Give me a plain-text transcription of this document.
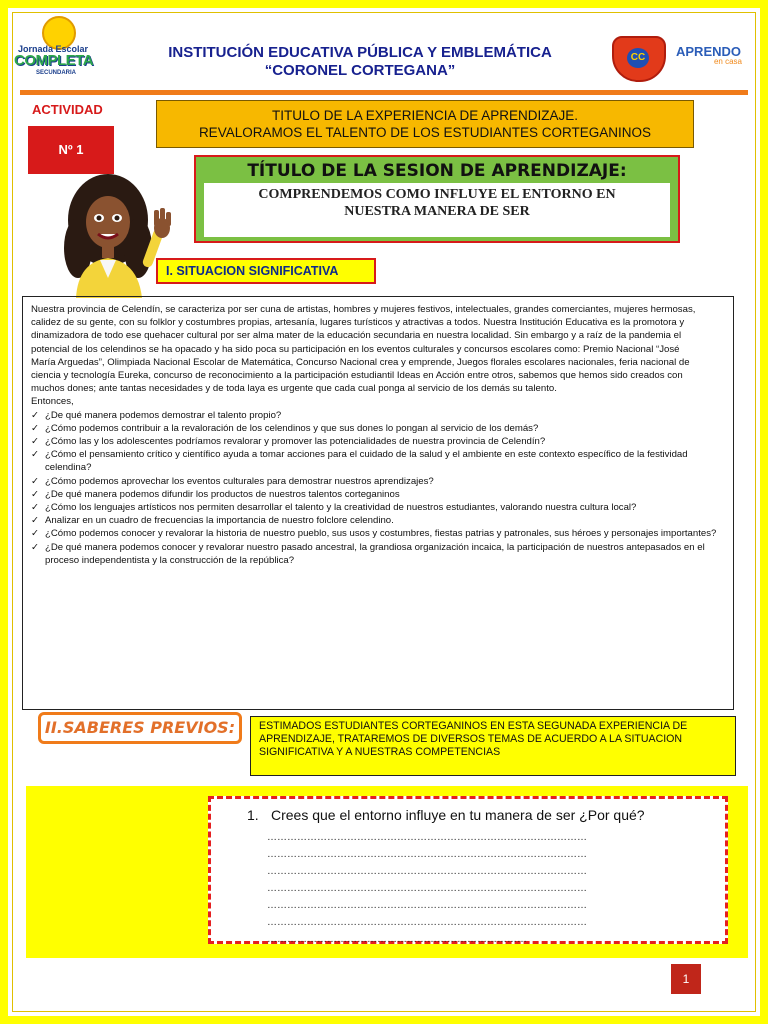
Jornada Escolar
COMPLETA
SECUNDARIA
INSTITUCIÓN EDUCATIVA PÚBLICA Y EMBLEMÁTICA
“CORONEL CORTEGANA”
CC APRENDO
en casa
ACTIVIDAD
Nº 1
TITULO DE LA EXPERIENCIA DE APRENDIZAJE.
REVALORAMOS EL TALENTO DE LOS ESTUDIANTES CORTEGANINOS
TÍTULO DE LA SESION DE APRENDIZAJE:
COMPRENDEMOS COMO INFLUYE EL ENTORNO EN
NUESTRA MANERA DE SER
I. SITUACION SIGNIFICATIVA

Nuestra provincia de Celendín, se caracteriza por ser cuna de artistas, hombres y mujeres festivos, intelectuales, grandes comerciantes, mujeres hermosas,

calidez de su gente, con su folklor y costumbres propias, artesanía, lugares turísticos y atractivas a todos. Nuestra Institución Educativa es la promotora y

dinamizadora de todo ese quehacer cultural por ser alma mater de la educación secundaria en nuestra localidad. Sin embargo y a raíz de la pandemia el

potencial de los celendinos se ha opacado y ha sido poca su participación en los eventos culturales y concursos escolares como: Premio Nacional “José

María Arguedas”, Olimpiada Nacional Escolar de Matemática, Concurso Nacional crea y emprende, Juegos florales escolares nacionales, feria nacional de

ciencia y tecnología Eureka, concurso de reconocimiento a la participación estudiantil Ideas en Acción entre otros, sabemos que hemos sido creados con

muchos dones; ante tantas necesidades y de toda laya es urgente que cada cual ponga al servicio de los demás su talento.

Entonces,

✓ ¿De qué manera podemos demostrar el talento propio?

✓ ¿Cómo podemos contribuir a la revaloración de los celendinos y que sus dones lo pongan al servicio de los demás?

✓ ¿Cómo las y los adolescentes podríamos revalorar y promover las potencialidades de nuestra provincia de Celendín?

✓ ¿Cómo el pensamiento crítico y científico ayuda a tomar acciones para el cuidado de la salud y el ambiente en este contexto específico de la festividad celendina?

✓ ¿Cómo podemos aprovechar los eventos culturales para demostrar nuestros aprendizajes?

✓ ¿De qué manera podemos difundir los productos de nuestros talentos corteganinos

✓ ¿Cómo los lenguajes artísticos nos permiten desarrollar el talento y la creatividad de nuestros estudiantes, valorando nuestra cultura local?

✓ Analizar en un cuadro de frecuencias la importancia de nuestro folclore celendino.

✓ ¿Cómo podemos conocer y revalorar la historia de nuestro pueblo, sus usos y costumbres, fiestas patrias y patronales, sus héroes y personajes importantes?

✓ ¿De qué manera podemos conocer y revalorar nuestro pasado ancestral, la grandiosa organización incaica, la participación de nuestros antepasados en el proceso independentista y la construcción de la república?

II.SABERES PREVIOS:	ESTIMADOS ESTUDIANTES CORTEGANINOS EN ESTA SEGUNADA EXPERIENCIA DE APRENDIZAJE, TRATAREMOS DE DIVERSOS TEMAS DE ACUERDO A LA SITUACION SIGNIFICATIVA Y A NUESTRAS COMPETENCIAS
1. Crees que el entorno influye en tu manera de ser ¿Por qué?
……………………………………………………………………………………
……………………………………………………………………………………
……………………………………………………………………………………
……………………………………………………………………………………
……………………………………………………………………………………
……………………………………………………………………………………
……………………………………………………………………
1
